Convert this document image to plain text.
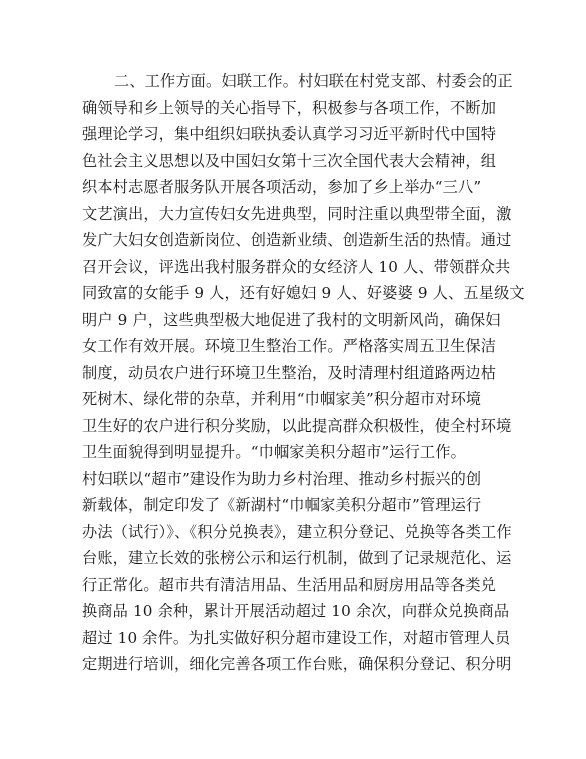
二、工作方面。妇联工作。村妇联在村党支部、村委会的正
确领导和乡上领导的关心指导下，积极参与各项工作，不断加
强理论学习，集中组织妇联执委认真学习习近平新时代中国特
色社会主义思想以及中国妇女第十三次全国代表大会精神，组
织本村志愿者服务队开展各项活动，参加了乡上举办“三八”
文艺演出，大力宣传妇女先进典型，同时注重以典型带全面，激
发广大妇女创造新岗位、创造新业绩、创造新生活的热情。通过
召开会议，评选出我村服务群众的女经济人 10 人、带领群众共
同致富的女能手 9 人，还有好媳妇 9 人、好婆婆 9 人、五星级文
明户 9 户，这些典型极大地促进了我村的文明新风尚，确保妇
女工作有效开展。环境卫生整治工作。严格落实周五卫生保洁
制度，动员农户进行环境卫生整治，及时清理村组道路两边枯
死树木、绿化带的杂草，并利用“巾帼家美”积分超市对环境
卫生好的农户进行积分奖励，以此提高群众积极性，使全村环境
卫生面貌得到明显提升。“巾帼家美积分超市”运行工作。
村妇联以“超市”建设作为助力乡村治理、推动乡村振兴的创
新载体，制定印发了《新湖村“巾帼家美积分超市”管理运行
办法（试行）》、《积分兑换表》，建立积分登记、兑换等各类工作
台账，建立长效的张榜公示和运行机制，做到了记录规范化、运
行正常化。超市共有清洁用品、生活用品和厨房用品等各类兑
换商品 10 余种，累计开展活动超过 10 余次，向群众兑换商品
超过 10 余件。为扎实做好积分超市建设工作，对超市管理人员
定期进行培训，细化完善各项工作台账，确保积分登记、积分明
